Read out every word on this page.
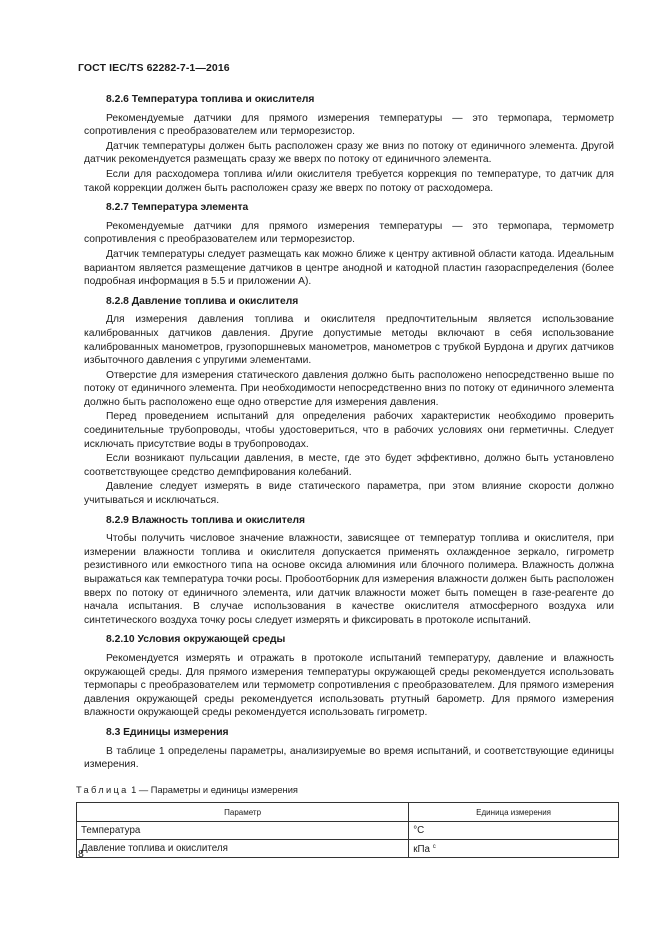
ГОСТ IEC/TS 62282-7-1—2016
8.2.6 Температура топлива и окислителя
Рекомендуемые датчики для прямого измерения температуры — это термопара, термометр сопротивления с преобразователем или терморезистор.
Датчик температуры должен быть расположен сразу же вниз по потоку от единичного элемента. Другой датчик рекомендуется размещать сразу же вверх по потоку от единичного элемента.
Если для расходомера топлива и/или окислителя требуется коррекция по температуре, то датчик для такой коррекции должен быть расположен сразу же вверх по потоку от расходомера.
8.2.7 Температура элемента
Рекомендуемые датчики для прямого измерения температуры — это термопара, термометр сопротивления с преобразователем или терморезистор.
Датчик температуры следует размещать как можно ближе к центру активной области катода. Идеальным вариантом является размещение датчиков в центре анодной и катодной пластин газораспределения (более подробная информация в 5.5 и приложении А).
8.2.8 Давление топлива и окислителя
Для измерения давления топлива и окислителя предпочтительным является использование калиброванных датчиков давления. Другие допустимые методы включают в себя использование калиброванных манометров, грузопоршневых манометров, манометров с трубкой Бурдона и других датчиков избыточного давления с упругими элементами.
Отверстие для измерения статического давления должно быть расположено непосредственно выше по потоку от единичного элемента. При необходимости непосредственно вниз по потоку от единичного элемента должно быть расположено еще одно отверстие для измерения давления.
Перед проведением испытаний для определения рабочих характеристик необходимо проверить соединительные трубопроводы, чтобы удостовериться, что в рабочих условиях они герметичны. Следует исключать присутствие воды в трубопроводах.
Если возникают пульсации давления, в месте, где это будет эффективно, должно быть установлено соответствующее средство демпфирования колебаний.
Давление следует измерять в виде статического параметра, при этом влияние скорости должно учитываться и исключаться.
8.2.9 Влажность топлива и окислителя
Чтобы получить числовое значение влажности, зависящее от температур топлива и окислителя, при измерении влажности топлива и окислителя допускается применять охлажденное зеркало, гигрометр резистивного или емкостного типа на основе оксида алюминия или блочного полимера. Влажность должна выражаться как температура точки росы. Пробоотборник для измерения влажности должен быть расположен вверх по потоку от единичного элемента, или датчик влажности может быть помещен в газе-реагенте до начала испытания. В случае использования в качестве окислителя атмосферного воздуха или синтетического воздуха точку росы следует измерять и фиксировать в протоколе испытаний.
8.2.10 Условия окружающей среды
Рекомендуется измерять и отражать в протоколе испытаний температуру, давление и влажность окружающей среды. Для прямого измерения температуры окружающей среды рекомендуется использовать термопары с преобразователем или термометр сопротивления с преобразователем. Для прямого измерения давления окружающей среды рекомендуется использовать ртутный барометр. Для прямого измерения влажности окружающей среды рекомендуется использовать гигрометр.
8.3 Единицы измерения
В таблице 1 определены параметры, анализируемые во время испытаний, и соответствующие единицы измерения.
Таблица 1 — Параметры и единицы измерения
Параметр	Единица измерения
Температура	°C
Давление топлива и окислителя	кПа $^c$
8
